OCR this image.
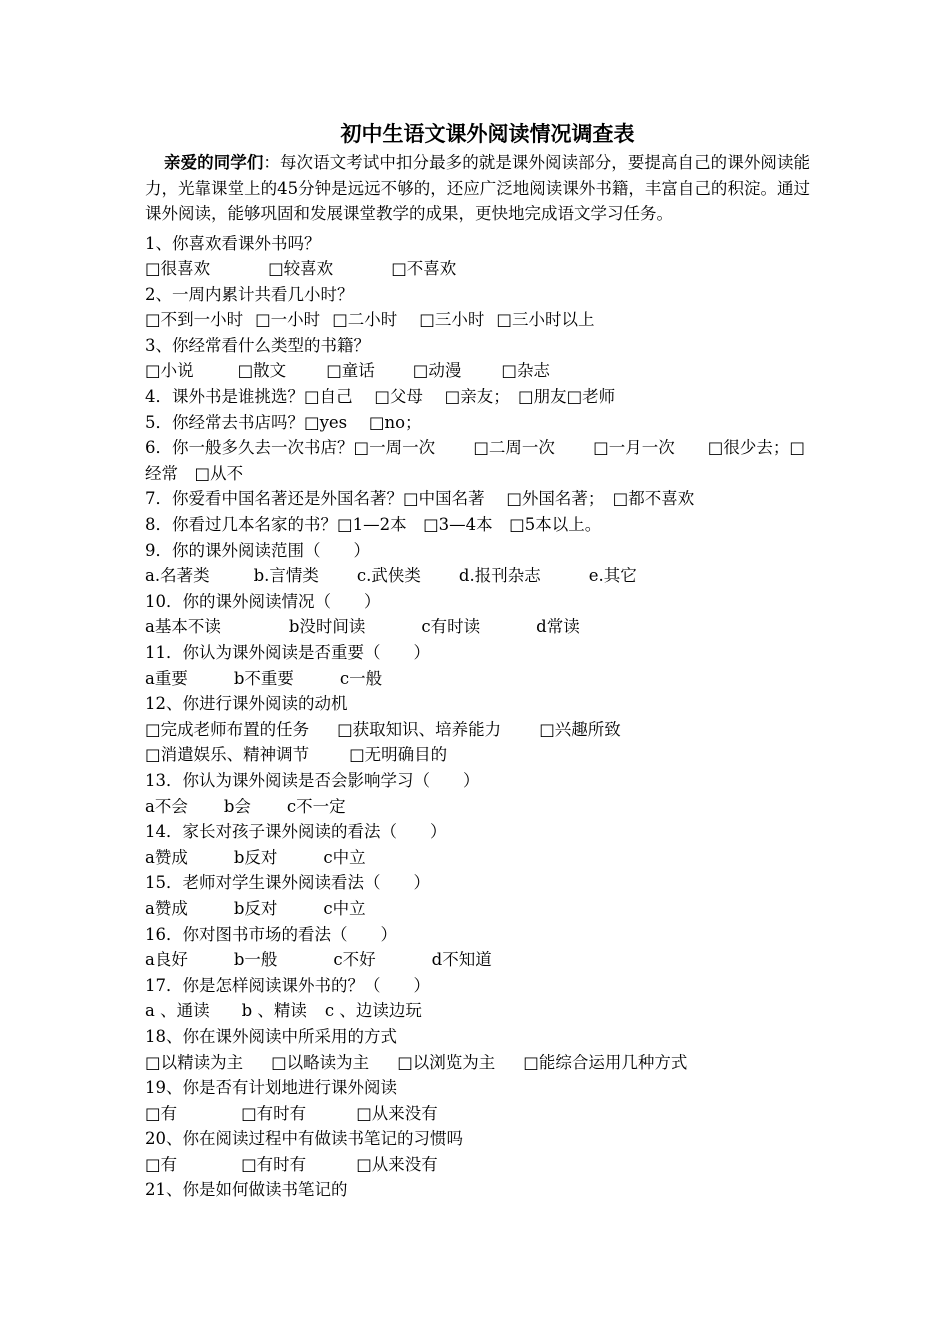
初中生语文课外阅读情况调查表

亲爱的同学们：每次语文考试中扣分最多的就是课外阅读部分，要提高自己的课外阅读能力，光靠课堂上的45分钟是远远不够的，还应广泛地阅读课外书籍，丰富自己的积淀。通过课外阅读，能够巩固和发展课堂教学的成果，更快地完成语文学习任务。

1、你喜欢看课外书吗？
□很喜欢	□较喜欢	□不喜欢
2、一周内累计共看几小时？
□不到一小时 □一小时 □二小时 □三小时 □三小时以上
3、你经常看什么类型的书籍？
□小说	□散文 □童话 □动漫 □杂志
4．课外书是谁挑选？□自己　 □父母　 □亲友；　□朋友□老师
5．你经常去书店吗？□yes　 □no；
6．你一般多久去一次书店？□一周一次　　 □二周一次　　 □一月一次　　□很少去；□经常　□从不
7．你爱看中国名著还是外国名著？□中国名著　 □外国名著；　□都不喜欢
8．你看过几本名家的书？□1—2本　□3—4本　□5本以上。
9．你的课外阅读范围（　　）
a.名著类	b.言情类 c.武侠类 d.报刊杂志	e.其它
10．你的课外阅读情况（　　）
a基本不读	b没时间读	c有时读	d常读
11．你认为课外阅读是否重要（　　）
a重要	b不重要	c一般
12、你进行课外阅读的动机
□完成老师布置的任务 □获取知识、培养能力 □兴趣所致
□消遣娱乐、精神调节 □无明确目的
13．你认为课外阅读是否会影响学习（　　）
a不会 b会 c不一定
14．家长对孩子课外阅读的看法（　　）
a赞成	b反对	c中立
15．老师对学生课外阅读看法（　　）
a赞成	b反对	c中立
16．你对图书市场的看法（　　）
a良好	b一般	c不好	d不知道
17．你是怎样阅读课外书的？（　　）
a 、通读 b 、精读 c 、边读边玩
18、你在课外阅读中所采用的方式
□以精读为主 □以略读为主 □以浏览为主 □能综合运用几种方式
19、你是否有计划地进行课外阅读
□有	□有时有	□从来没有
20、你在阅读过程中有做读书笔记的习惯吗
□有	□有时有	□从来没有
21、你是如何做读书笔记的
